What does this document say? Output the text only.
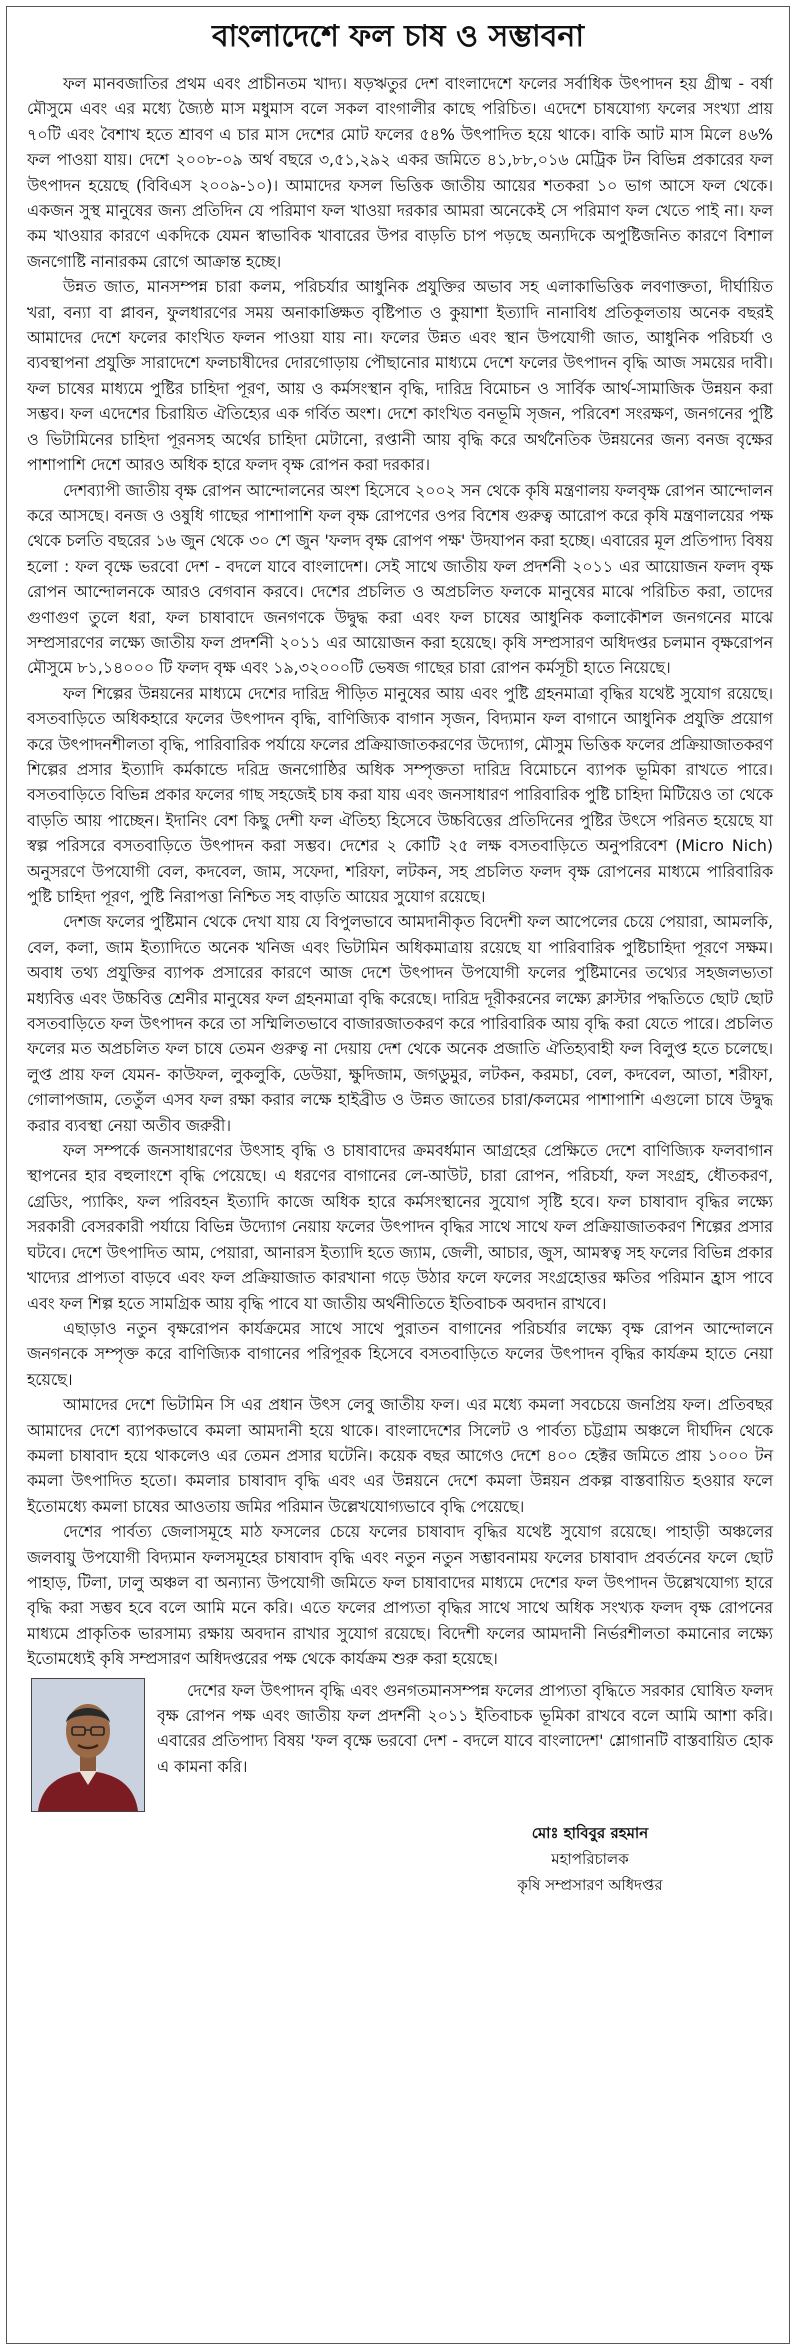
বাংলাদেশে ফল চাষ ও সম্ভাবনা

ফল মানবজাতির প্রথম এবং প্রাচীনতম খাদ্য। ষড়ঋতুর দেশ বাংলাদেশে ফলের সর্বাধিক উৎপাদন হয় গ্রীষ্ম - বর্ষা মৌসুমে এবং এর মধ্যে জ্যৈষ্ঠ মাস মধুমাস বলে সকল বাংগালীর কাছে পরিচিত। এদেশে চাষযোগ্য ফলের সংখ্যা প্রায় ৭০টি এবং বৈশাখ হতে শ্রাবণ এ চার মাস দেশের মোট ফলের ৫৪% উৎপাদিত হয়ে থাকে। বাকি আট মাস মিলে ৪৬% ফল পাওয়া যায়। দেশে ২০০৮-০৯ অর্থ বছরে ৩,৫১,২৯২ একর জমিতে ৪১,৮৮,০১৬ মেট্রিক টন বিভিন্ন প্রকারের ফল উৎপাদন হয়েছে (বিবিএস ২০০৯-১০)। আমাদের ফসল ভিত্তিক জাতীয় আয়ের শতকরা ১০ ভাগ আসে ফল থেকে। একজন সুস্থ মানুষের জন্য প্রতিদিন যে পরিমাণ ফল খাওয়া দরকার আমরা অনেকেই সে পরিমাণ ফল খেতে পাই না। ফল কম খাওয়ার কারণে একদিকে যেমন স্বাভাবিক খাবারের উপর বাড়তি চাপ পড়ছে অন্যদিকে অপুষ্টিজনিত কারণে বিশাল জনগোষ্টি নানারকম রোগে আক্রান্ত হচ্ছে।

উন্নত জাত, মানসম্পন্ন চারা কলম, পরিচর্যার আধুনিক প্রযুক্তির অভাব সহ এলাকাভিত্তিক লবণাক্ততা, দীর্ঘায়িত খরা, বন্যা বা প্লাবন, ফুলধারণের সময় অনাকাঙ্ক্ষিত বৃষ্টিপাত ও কুয়াশা ইত্যাদি নানাবিধ প্রতিকূলতায় অনেক বছরই আমাদের দেশে ফলের কাংখিত ফলন পাওয়া যায় না। ফলের উন্নত এবং স্থান উপযোগী জাত, আধুনিক পরিচর্যা ও ব্যবস্থাপনা প্রযুক্তি সারাদেশে ফলচাষীদের দোরগোড়ায় পৌছানোর মাধ্যমে দেশে ফলের উৎপাদন বৃদ্ধি আজ সময়ের দাবী। ফল চাষের মাধ্যমে পুষ্টির চাহিদা পূরণ, আয় ও কর্মসংস্থান বৃদ্ধি, দারিদ্র বিমোচন ও সার্বিক আর্থ-সামাজিক উন্নয়ন করা সম্ভব। ফল এদেশের চিরায়িত ঐতিহ্যের এক গর্বিত অংশ। দেশে কাংখিত বনভূমি সৃজন, পরিবেশ সংরক্ষণ, জনগনের পুষ্টি ও ভিটামিনের চাহিদা পূরনসহ অর্থের চাহিদা মেটানো, রপ্তানী আয় বৃদ্ধি করে অর্থনৈতিক উন্নয়নের জন্য বনজ বৃক্ষের পাশাপাশি দেশে আরও অধিক হারে ফলদ বৃক্ষ রোপন করা দরকার।

দেশব্যাপী জাতীয় বৃক্ষ রোপন আন্দোলনের অংশ হিসেবে ২০০২ সন থেকে কৃষি মন্ত্রণালয় ফলবৃক্ষ রোপন আন্দোলন করে আসছে। বনজ ও ওষুধি গাছের পাশাপাশি ফল বৃক্ষ রোপণের ওপর বিশেষ গুরুত্ব আরোপ করে কৃষি মন্ত্রণালয়ের পক্ষ থেকে চলতি বছরের ১৬ জুন থেকে ৩০ শে জুন 'ফলদ বৃক্ষ রোপণ পক্ষ' উদযাপন করা হচ্ছে। এবারের মূল প্রতিপাদ্য বিষয় হলো : ফল বৃক্ষে ভরবো দেশ - বদলে যাবে বাংলাদেশ। সেই সাথে জাতীয় ফল প্রদর্শনী ২০১১ এর আয়োজন ফলদ বৃক্ষ রোপন আন্দোলনকে আরও বেগবান করবে। দেশের প্রচলিত ও অপ্রচলিত ফলকে মানুষের মাঝে পরিচিত করা, তাদের গুণাগুণ তুলে ধরা, ফল চাষাবাদে জনগণকে উদ্বুদ্ধ করা এবং ফল চাষের আধুনিক কলাকৌশল জনগনের মাঝে সম্প্রসারণের লক্ষ্যে জাতীয় ফল প্রদর্শনী ২০১১ এর আয়োজন করা হয়েছে। কৃষি সম্প্রসারণ অধিদপ্তর চলমান বৃক্ষরোপন মৌসুমে ৮১,১৪০০০ টি ফলদ বৃক্ষ এবং ১৯,৩২০০০টি ভেষজ গাছের চারা রোপন কর্মসূচী হাতে নিয়েছে।

ফল শিল্পের উন্নয়নের মাধ্যমে দেশের দারিদ্র পীড়িত মানুষের আয় এবং পুষ্টি গ্রহনমাত্রা বৃদ্ধির যথেষ্ট সুযোগ রয়েছে। বসতবাড়িতে অধিকহারে ফলের উৎপাদন বৃদ্ধি, বাণিজ্যিক বাগান সৃজন, বিদ্যমান ফল বাগানে আধুনিক প্রযুক্তি প্রয়োগ করে উৎপাদনশীলতা বৃদ্ধি, পারিবারিক পর্যায়ে ফলের প্রক্রিয়াজাতকরণের উদ্যোগ, মৌসুম ভিত্তিক ফলের প্রক্রিয়াজাতকরণ শিল্পের প্রসার ইত্যাদি কর্মকান্ডে দরিদ্র জনগোষ্ঠির অধিক সম্পৃক্ততা দারিদ্র বিমোচনে ব্যাপক ভূমিকা রাখতে পারে। বসতবাড়িতে বিভিন্ন প্রকার ফলের গাছ সহজেই চাষ করা যায় এবং জনসাধারণ পারিবারিক পুষ্টি চাহিদা মিটিয়েও তা থেকে বাড়তি আয় পাচ্ছেন। ইদানিং বেশ কিছু দেশী ফল ঐতিহ্য হিসেবে উচ্চবিত্তের প্রতিদিনের পুষ্টির উৎসে পরিনত হয়েছে যা স্বল্প পরিসরে বসতবাড়িতে উৎপাদন করা সম্ভব। দেশের ২ কোটি ২৫ লক্ষ বসতবাড়িতে অনুপরিবেশ (Micro Nich) অনুসরণে উপযোগী বেল, কদবেল, জাম, সফেদা, শরিফা, লটকন, সহ প্রচলিত ফলদ বৃক্ষ রোপনের মাধ্যমে পারিবারিক পুষ্টি চাহিদা পূরণ, পুষ্টি নিরাপত্তা নিশ্চিত সহ বাড়তি আয়ের সুযোগ রয়েছে।

দেশজ ফলের পুষ্টিমান থেকে দেখা যায় যে বিপুলভাবে আমদানীকৃত বিদেশী ফল আপেলের চেয়ে পেয়ারা, আমলকি, বেল, কলা, জাম ইত্যাদিতে অনেক খনিজ এবং ভিটামিন অধিকমাত্রায় রয়েছে যা পারিবারিক পুষ্টিচাহিদা পূরণে সক্ষম। অবাধ তথ্য প্রযুক্তির ব্যাপক প্রসারের কারণে আজ দেশে উৎপাদন উপযোগী ফলের পুষ্টিমানের তথ্যের সহজলভ্যতা মধ্যবিত্ত এবং উচ্চবিত্ত শ্রেনীর মানুষের ফল গ্রহনমাত্রা বৃদ্ধি করেছে। দারিদ্র দূরীকরনের লক্ষ্যে ক্লাস্টার পদ্ধতিতে ছোট ছোট বসতবাড়িতে ফল উৎপাদন করে তা সম্মিলিতভাবে বাজারজাতকরণ করে পারিবারিক আয় বৃদ্ধি করা যেতে পারে। প্রচলিত ফলের মত অপ্রচলিত ফল চাষে তেমন গুরুত্ব না দেয়ায় দেশ থেকে অনেক প্রজাতি ঐতিহ্যবাহী ফল বিলুপ্ত হতে চলেছে। লুপ্ত প্রায় ফল যেমন- কাউফল, লুকলুকি, ডেউয়া, ক্ষুদিজাম, জগডুমুর, লটকন, করমচা, বেল, কদবেল, আতা, শরীফা, গোলাপজাম, তেতুঁল এসব ফল রক্ষা করার লক্ষে হাইব্রীড ও উন্নত জাতের চারা/কলমের পাশাপাশি এগুলো চাষে উদ্বুদ্ধ করার ব্যবস্থা নেয়া অতীব জরুরী।

ফল সম্পর্কে জনসাধারণের উৎসাহ বৃদ্ধি ও চাষাবাদের ক্রমবর্ধমান আগ্রহের প্রেক্ষিতে দেশে বাণিজ্যিক ফলবাগান স্থাপনের হার বহুলাংশে বৃদ্ধি পেয়েছে। এ ধরণের বাগানের লে-আউট, চারা রোপন, পরিচর্যা, ফল সংগ্রহ, ধৌতকরণ, গ্রেডিং, প্যাকিং, ফল পরিবহন ইত্যাদি কাজে অধিক হারে কর্মসংস্থানের সুযোগ সৃষ্টি হবে। ফল চাষাবাদ বৃদ্ধির লক্ষ্যে সরকারী বেসরকারী পর্যায়ে বিভিন্ন উদ্যোগ নেয়ায় ফলের উৎপাদন বৃদ্ধির সাথে সাথে ফল প্রক্রিয়াজাতকরণ শিল্পের প্রসার ঘটবে। দেশে উৎপাদিত আম, পেয়ারা, আনারস ইত্যাদি হতে জ্যাম, জেলী, আচার, জুস, আমস্বত্ব সহ ফলের বিভিন্ন প্রকার খাদ্যের প্রাপ্যতা বাড়বে এবং ফল প্রক্রিয়াজাত কারখানা গড়ে উঠার ফলে ফলের সংগ্রহোত্তর ক্ষতির পরিমান হ্রাস পাবে এবং ফল শিল্প হতে সামগ্রিক আয় বৃদ্ধি পাবে যা জাতীয় অর্থনীতিতে ইতিবাচক অবদান রাখবে।

এছাড়াও নতুন বৃক্ষরোপন কার্যক্রমের সাথে সাথে পুরাতন বাগানের পরিচর্যার লক্ষ্যে বৃক্ষ রোপন আন্দোলনে জনগনকে সম্পৃক্ত করে বাণিজ্যিক বাগানের পরিপূরক হিসেবে বসতবাড়িতে ফলের উৎপাদন বৃদ্ধির কার্যক্রম হাতে নেয়া হয়েছে।

আমাদের দেশে ভিটামিন সি এর প্রধান উৎস লেবু জাতীয় ফল। এর মধ্যে কমলা সবচেয়ে জনপ্রিয় ফল। প্রতিবছর আমাদের দেশে ব্যাপকভাবে কমলা আমদানী হয়ে থাকে। বাংলাদেশের সিলেট ও পার্বত্য চট্টগ্রাম অঞ্চলে দীর্ঘদিন থেকে কমলা চাষাবাদ হয়ে থাকলেও এর তেমন প্রসার ঘটেনি। কয়েক বছর আগেও দেশে ৪০০ হেক্টর জমিতে প্রায় ১০০০ টন কমলা উৎপাদিত হতো। কমলার চাষাবাদ বৃদ্ধি এবং এর উন্নয়নে দেশে কমলা উন্নয়ন প্রকল্প বাস্তবায়িত হওয়ার ফলে ইতোমধ্যে কমলা চাষের আওতায় জমির পরিমান উল্লেখযোগ্যভাবে বৃদ্ধি পেয়েছে।

দেশের পার্বত্য জেলাসমূহে মাঠ ফসলের চেয়ে ফলের চাষাবাদ বৃদ্ধির যথেষ্ট সুযোগ রয়েছে। পাহাড়ী অঞ্চলের জলবায়ু উপযোগী বিদ্যমান ফলসমূহের চাষাবাদ বৃদ্ধি এবং নতুন নতুন সম্ভাবনাময় ফলের চাষাবাদ প্রবর্তনের ফলে ছোট পাহাড়, টিলা, ঢালু অঞ্চল বা অন্যান্য উপযোগী জমিতে ফল চাষাবাদের মাধ্যমে দেশের ফল উৎপাদন উল্লেখযোগ্য হারে বৃদ্ধি করা সম্ভব হবে বলে আমি মনে করি। এতে ফলের প্রাপ্যতা বৃদ্ধির সাথে সাথে অধিক সংখ্যক ফলদ বৃক্ষ রোপনের মাধ্যমে প্রাকৃতিক ভারসাম্য রক্ষায় অবদান রাখার সুযোগ রয়েছে। বিদেশী ফলের আমদানী নির্ভরশীলতা কমানোর লক্ষ্যে ইতোমধ্যেই কৃষি সম্প্রসারণ অধিদপ্তরের পক্ষ থেকে কার্যক্রম শুরু করা হয়েছে।

দেশের ফল উৎপাদন বৃদ্ধি এবং গুনগতমানসম্পন্ন ফলের প্রাপ্যতা বৃদ্ধিতে সরকার ঘোষিত ফলদ বৃক্ষ রোপন পক্ষ এবং জাতীয় ফল প্রদর্শনী ২০১১ ইতিবাচক ভূমিকা রাখবে বলে আমি আশা করি। এবারের প্রতিপাদ্য বিষয় 'ফল বৃক্ষে ভরবো দেশ - বদলে যাবে বাংলাদেশ' শ্লোগানটি বাস্তবায়িত হোক এ কামনা করি।
মোঃ হাবিবুর রহমান
মহাপরিচালক
কৃষি সম্প্রসারণ অধিদপ্তর
